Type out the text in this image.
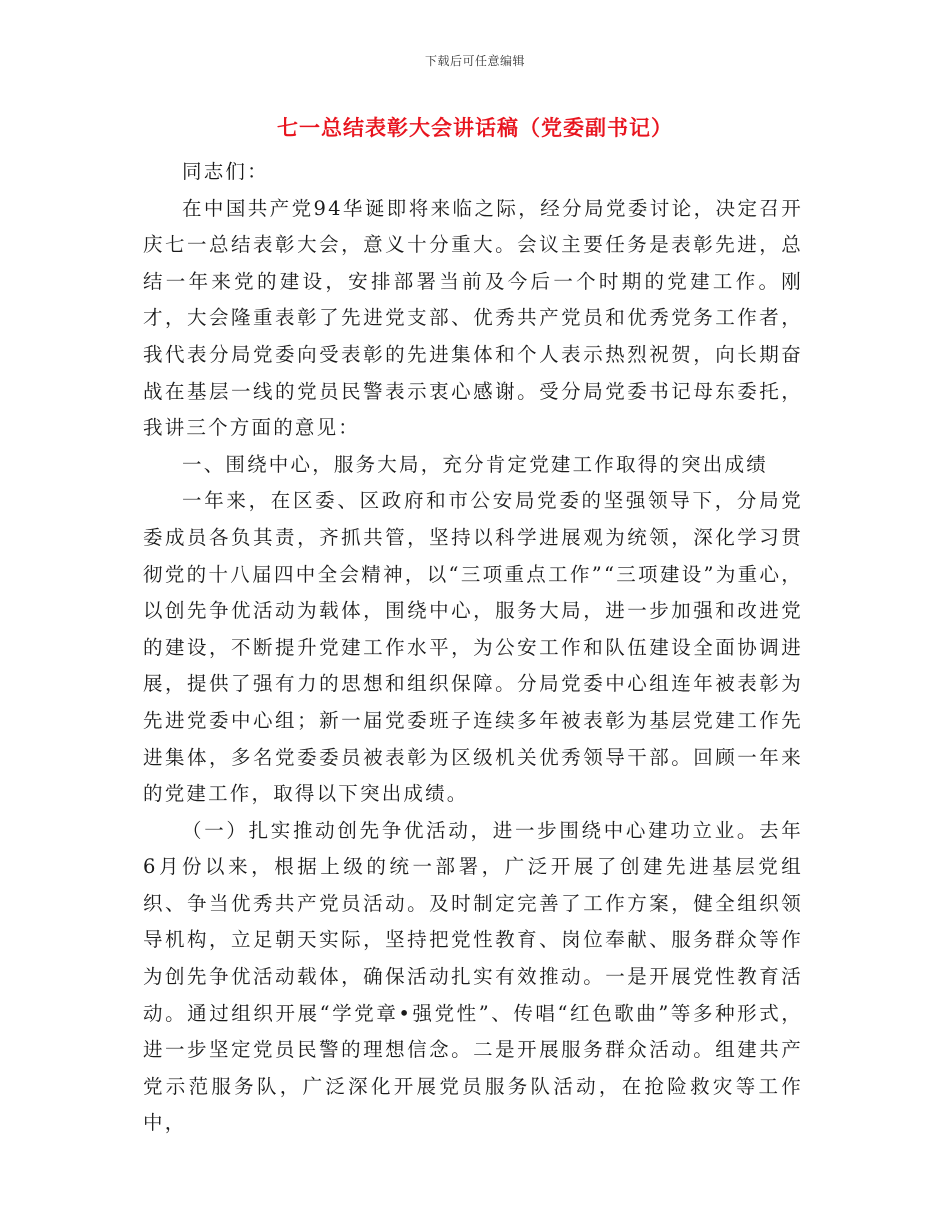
下载后可任意编辑
七一总结表彰大会讲话稿（党委副书记）

同志们：

在中国共产党94华诞即将来临之际，经分局党委讨论，决定召开庆七一总结表彰大会，意义十分重大。会议主要任务是表彰先进，总结一年来党的建设，安排部署当前及今后一个时期的党建工作。刚才，大会隆重表彰了先进党支部、优秀共产党员和优秀党务工作者，我代表分局党委向受表彰的先进集体和个人表示热烈祝贺，向长期奋战在基层一线的党员民警表示衷心感谢。受分局党委书记母东委托，我讲三个方面的意见：

一、围绕中心，服务大局，充分肯定党建工作取得的突出成绩

一年来，在区委、区政府和市公安局党委的坚强领导下，分局党委成员各负其责，齐抓共管，坚持以科学进展观为统领，深化学习贯彻党的十八届四中全会精神，以“三项重点工作”“三项建设”为重心，以创先争优活动为载体，围绕中心，服务大局，进一步加强和改进党的建设，不断提升党建工作水平，为公安工作和队伍建设全面协调进展，提供了强有力的思想和组织保障。分局党委中心组连年被表彰为先进党委中心组；新一届党委班子连续多年被表彰为基层党建工作先进集体，多名党委委员被表彰为区级机关优秀领导干部。回顾一年来的党建工作，取得以下突出成绩。

（一）扎实推动创先争优活动，进一步围绕中心建功立业。去年6月份以来，根据上级的统一部署，广泛开展了创建先进基层党组织、争当优秀共产党员活动。及时制定完善了工作方案，健全组织领导机构，立足朝天实际，坚持把党性教育、岗位奉献、服务群众等作为创先争优活动载体，确保活动扎实有效推动。一是开展党性教育活动。通过组织开展“学党章•强党性”、传唱“红色歌曲”等多种形式，进一步坚定党员民警的理想信念。二是开展服务群众活动。组建共产党示范服务队，广泛深化开展党员服务队活动，在抢险救灾等工作中，
